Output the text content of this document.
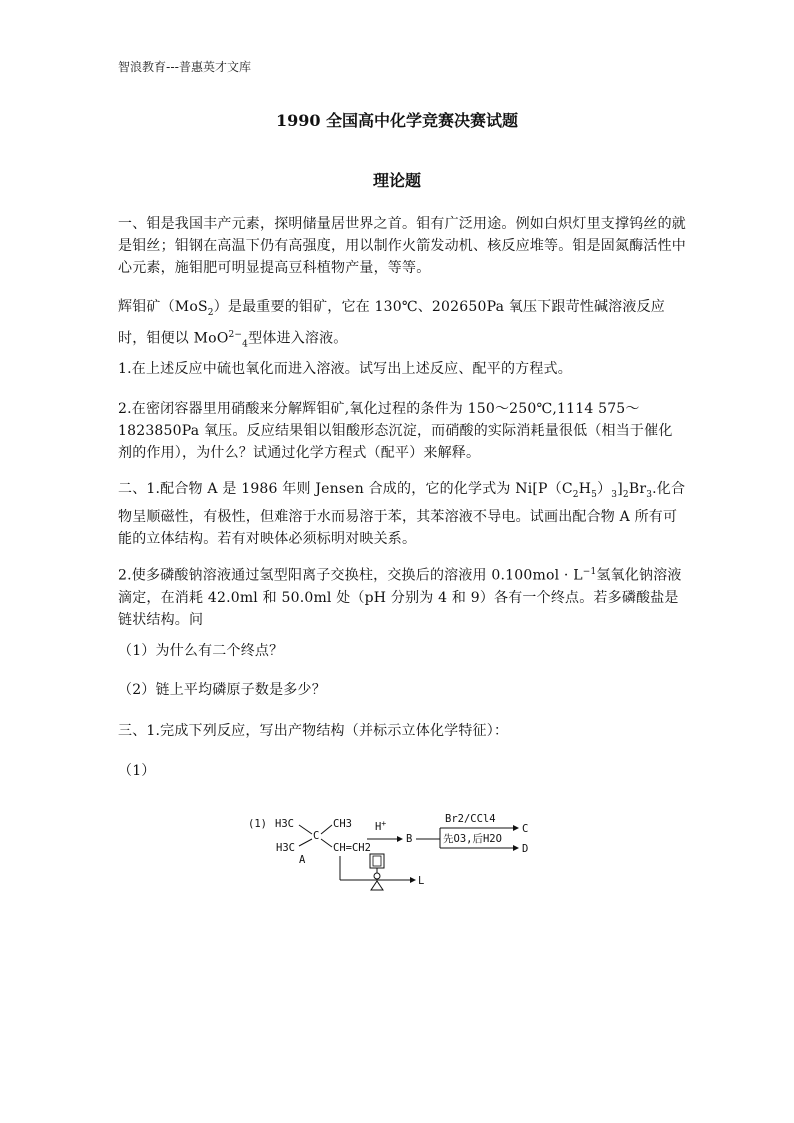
智浪教育---普惠英才文库
1990 全国高中化学竞赛决赛试题
理论题
一、钼是我国丰产元素，探明储量居世界之首。钼有广泛用途。例如白炽灯里支撑钨丝的就是钼丝；钼钢在高温下仍有高强度，用以制作火箭发动机、核反应堆等。钼是固氮酶活性中心元素，施钼肥可明显提高豆科植物产量，等等。
辉钼矿（MoS$_2$）是最重要的钼矿，它在 130℃、202650Pa 氧压下跟苛性碱溶液反应时，钼便以 MoO$^{2-}_4$型体进入溶液。
1.在上述反应中硫也氧化而进入溶液。试写出上述反应、配平的方程式。
2.在密闭容器里用硝酸来分解辉钼矿,氧化过程的条件为 150～250℃,1114 575～1823850Pa 氧压。反应结果钼以钼酸形态沉淀，而硝酸的实际消耗量很低（相当于催化剂的作用），为什么？试通过化学方程式（配平）来解释。
二、1.配合物 A 是 1986 年则 Jensen 合成的，它的化学式为 $Ni[P(C_2H_5)_3]_2Br_3$.化合物呈顺磁性，有极性，但难溶于水而易溶于苯，其苯溶液不导电。试画出配合物 A 所有可能的立体结构。若有对映体必须标明对映关系。
2.使多磷酸钠溶液通过氢型阳离子交换柱，交换后的溶液用 $0.100mol \cdot L^{-1}$氢氧化钠溶液滴定，在消耗 42.0ml 和 50.0ml 处（pH 分别为 4 和 9）各有一个终点。若多磷酸盐是链状结构。问
（1）为什么有二个终点？
（2）链上平均磷原子数是多少？
三、1.完成下列反应，写出产物结构（并标示立体化学特征）：
（1）
(1) H3C
H3C
C
CH3
CH=CH2
A
H+
B
Br2/CCl4
先O3,后H2O
C
D
L
